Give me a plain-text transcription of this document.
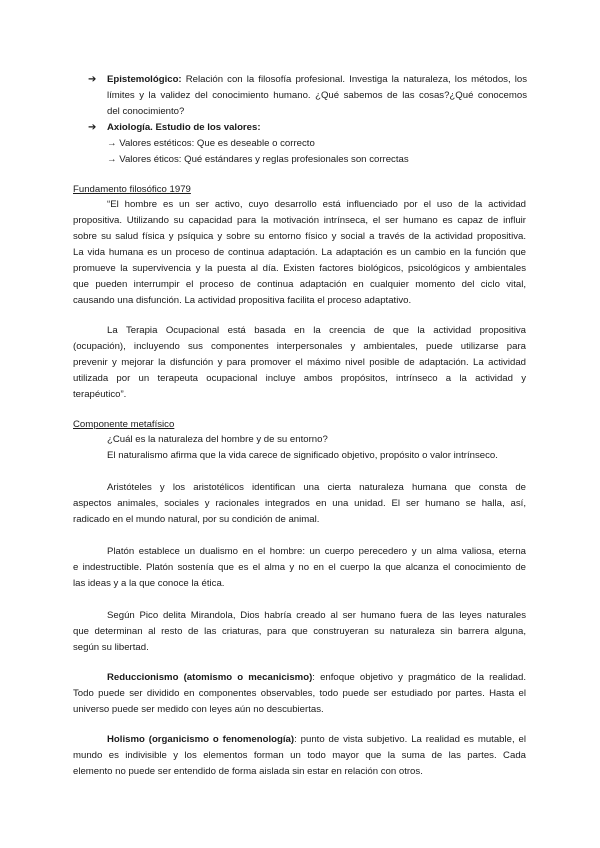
➔ Epistemológico: Relación con la filosofía profesional. Investiga la naturaleza, los métodos, los
límites y la validez del conocimiento humano. ¿Qué sabemos de las cosas?¿Qué conocemos
del conocimiento?
➔ Axiología. Estudio de los valores:
→ Valores estéticos: Que es deseable o correcto
→ Valores éticos: Qué estándares y reglas profesionales son correctas
Fundamento filosófico 1979
“El hombre es un ser activo, cuyo desarrollo está influenciado por el uso de la actividad
propositiva. Utilizando su capacidad para la motivación intrínseca, el ser humano es capaz de influir
sobre su salud física y psíquica y sobre su entorno físico y social a través de la actividad propositiva.
La vida humana es un proceso de continua adaptación. La adaptación es un cambio en la función que
promueve la supervivencia y la puesta al día. Existen factores biológicos, psicológicos y ambientales
que pueden interrumpir el proceso de continua adaptación en cualquier momento del ciclo vital,
causando una disfunción. La actividad propositiva facilita el proceso adaptativo.
La Terapia Ocupacional está basada en la creencia de que la actividad propositiva
(ocupación), incluyendo sus componentes interpersonales y ambientales, puede utilizarse para
prevenir y mejorar la disfunción y para promover el máximo nivel posible de adaptación. La actividad
utilizada por un terapeuta ocupacional incluye ambos propósitos, intrínseco a la actividad y
terapéutico”.
Componente metafísico
¿Cuál es la naturaleza del hombre y de su entorno?
El naturalismo afirma que la vida carece de significado objetivo, propósito o valor intrínseco.
Aristóteles y los aristotélicos identifican una cierta naturaleza humana que consta de
aspectos animales, sociales y racionales integrados en una unidad. El ser humano se halla, así,
radicado en el mundo natural, por su condición de animal.
Platón establece un dualismo en el hombre: un cuerpo perecedero y un alma valiosa, eterna
e indestructible. Platón sostenía que es el alma y no en el cuerpo la que alcanza el conocimiento de
las ideas y a la que conoce la ética.
Según Pico delita Mirandola, Dios habría creado al ser humano fuera de las leyes naturales
que determinan al resto de las criaturas, para que construyeran su naturaleza sin barrera alguna,
según su libertad.
Reduccionismo (atomismo o mecanicismo): enfoque objetivo y pragmático de la realidad.
Todo puede ser dividido en componentes observables, todo puede ser estudiado por partes. Hasta el
universo puede ser medido con leyes aún no descubiertas.
Holismo (organicismo o fenomenología): punto de vista subjetivo. La realidad es mutable, el
mundo es indivisible y los elementos forman un todo mayor que la suma de las partes. Cada
elemento no puede ser entendido de forma aislada sin estar en relación con otros.
